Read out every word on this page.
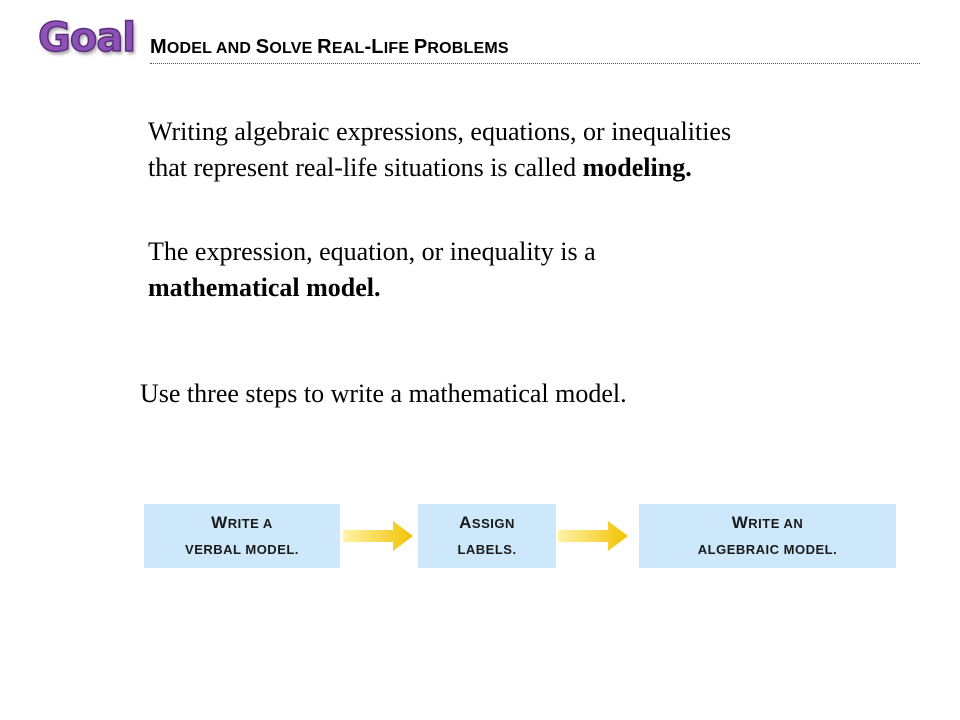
Goal MODEL AND SOLVE REAL-LIFE PROBLEMS
Writing algebraic expressions, equations, or inequalities
that represent real-life situations is called modeling.
The expression, equation, or inequality is a
mathematical model.
Use three steps to write a mathematical model.
WRITE A
VERBAL MODEL.
ASSIGN
LABELS.
WRITE AN
ALGEBRAIC MODEL.
